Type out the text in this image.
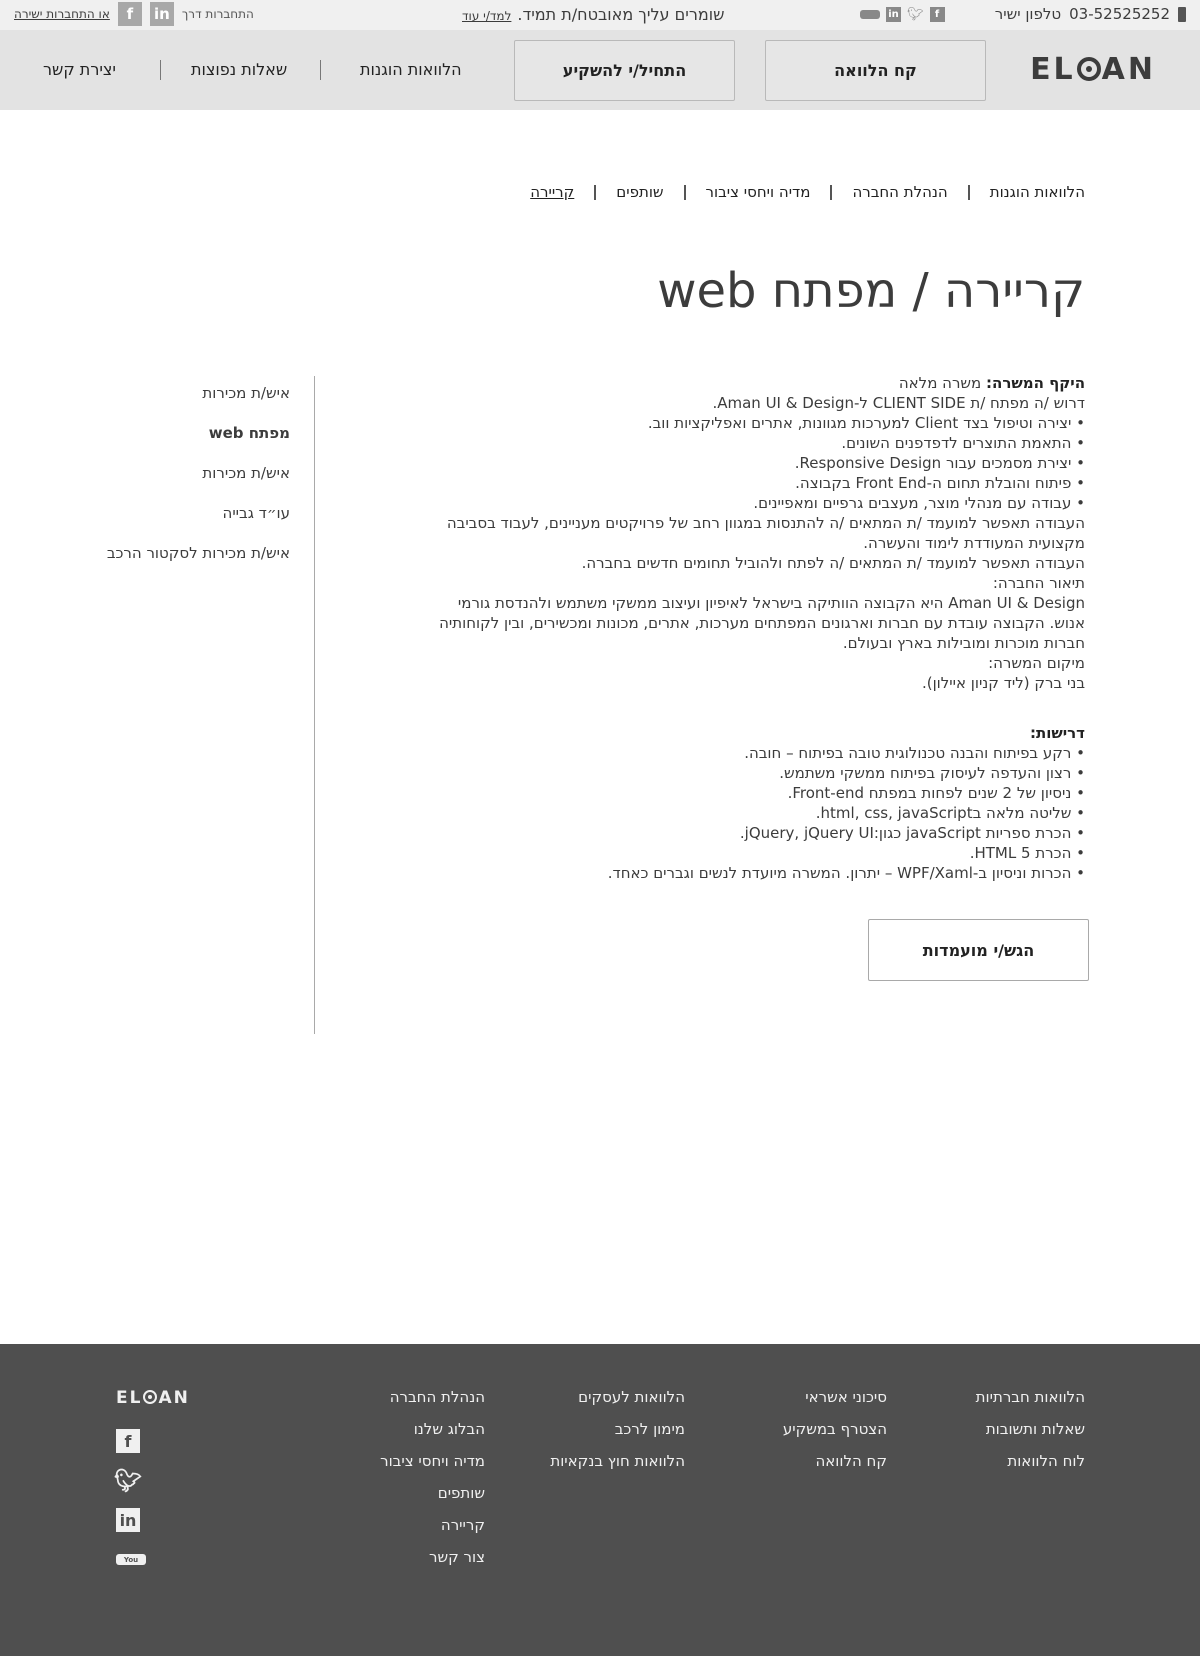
03-52525252
טלפון ישיר
in 🐦︎	f
שומרים עליך מאובטח/ת תמיד.
למד/י עוד
התחברות דרך
in
f
או התחברות ישירה
EL AN
קח הלוואה
התחיל/י להשקיע
הלוואות הוגנות
שאלות נפוצות
יצירת קשר
הלוואות הוגנות
הנהלת החברה
מדיה ויחסי ציבור
שותפים
קריירה
קריירה / מפתח web

היקף המשרה: משרה מלאה

דרוש /ה מפתח /ת CLIENT SIDE ל-Aman UI & Design.

• יצירה וטיפול בצד Client למערכות מגוונות, אתרים ואפליקציות ווב.

• התאמת התוצרים לדפדפנים השונים.

• יצירת מסמכים עבור Responsive Design.

• פיתוח והובלת תחום ה-Front End בקבוצה.

• עבודה עם מנהלי מוצר, מעצבים גרפיים ומאפיינים.

העבודה תאפשר למועמד /ת המתאים /ה להתנסות במגוון רחב של פרויקטים מעניינים, לעבוד בסביבה מקצועית המעודדת לימוד והעשרה.

העבודה תאפשר למועמד /ת המתאים /ה לפתח ולהוביל תחומים חדשים בחברה.

תיאור החברה:

Aman UI & Design היא הקבוצה הוותיקה בישראל לאיפיון ועיצוב ממשקי משתמש ולהנדסת גורמי אנוש. הקבוצה עובדת עם חברות וארגונים המפתחים מערכות, אתרים, מכונות ומכשירים, ובין לקוחותיה חברות מוכרות ומובילות בארץ ובעולם.

מיקום המשרה:

בני ברק (ליד קניון איילון).

דרישות:

• רקע בפיתוח והבנה טכנולוגית טובה בפיתוח – חובה.

• רצון והעדפה לעיסוק בפיתוח ממשקי משתמש.

• ניסיון של 2 שנים לפחות במפתח Front-end.

• שליטה מלאה בhtml, css, javaScript.

• הכרת ספריות javaScript כגון:jQuery, jQuery UI.

• הכרת HTML 5.

• הכרות וניסיון ב-WPF/Xaml – יתרון. המשרה מיועדת לנשים וגברים כאחד.

הגש/י מועמדות
איש/ת מכירות
מפתח web
איש/ת מכירות
עו״ד גבייה
איש/ת מכירות לסקטור הרכב
הלוואות חברתיות
שאלות ותשובות
לוח הלוואות
סיכוני אשראי
הצטרף במשקיע
קח הלוואה
הלוואות לעסקים
מימון לרכב
הלוואות חוץ בנקאיות
הנהלת החברה
הבלוג שלנו
מדיה ויחסי ציבור
שותפים
קריירה
צור קשר
EL AN
f
🐦︎
in
You
